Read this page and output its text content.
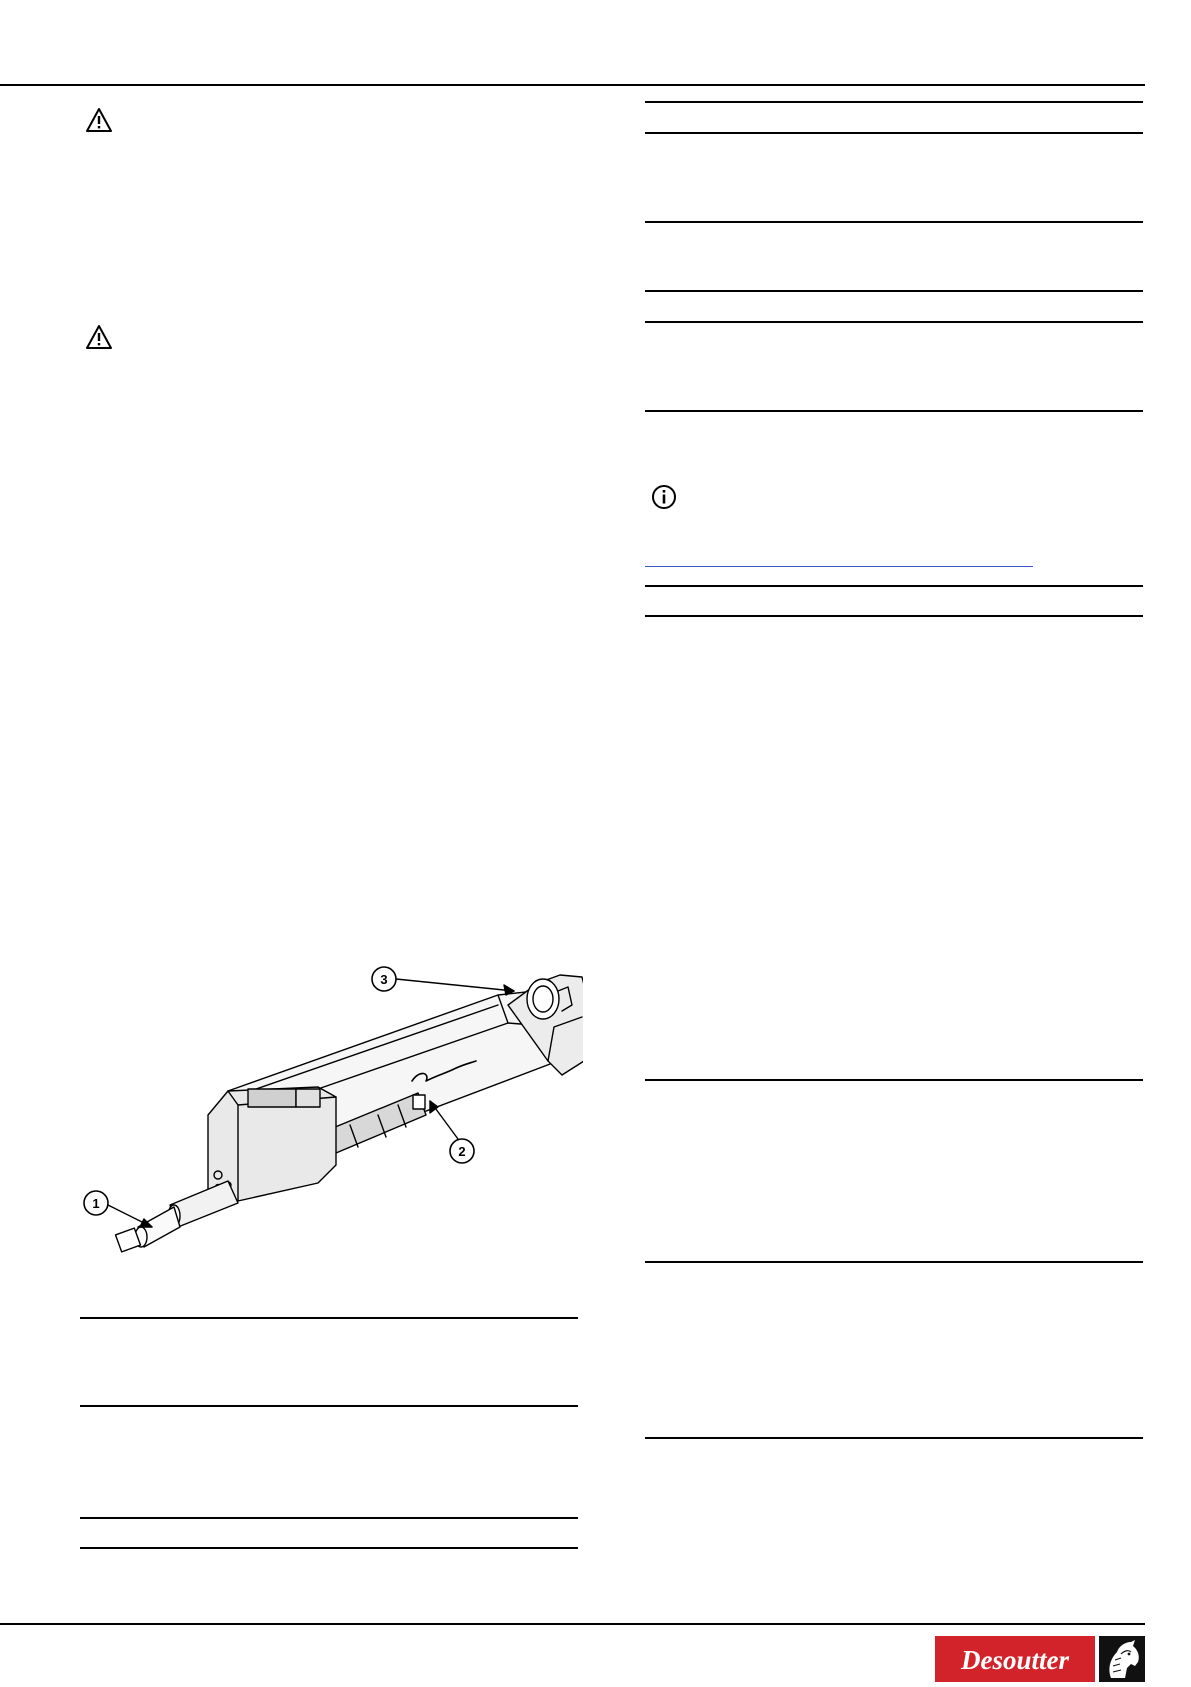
3
2
1
Desoutter
